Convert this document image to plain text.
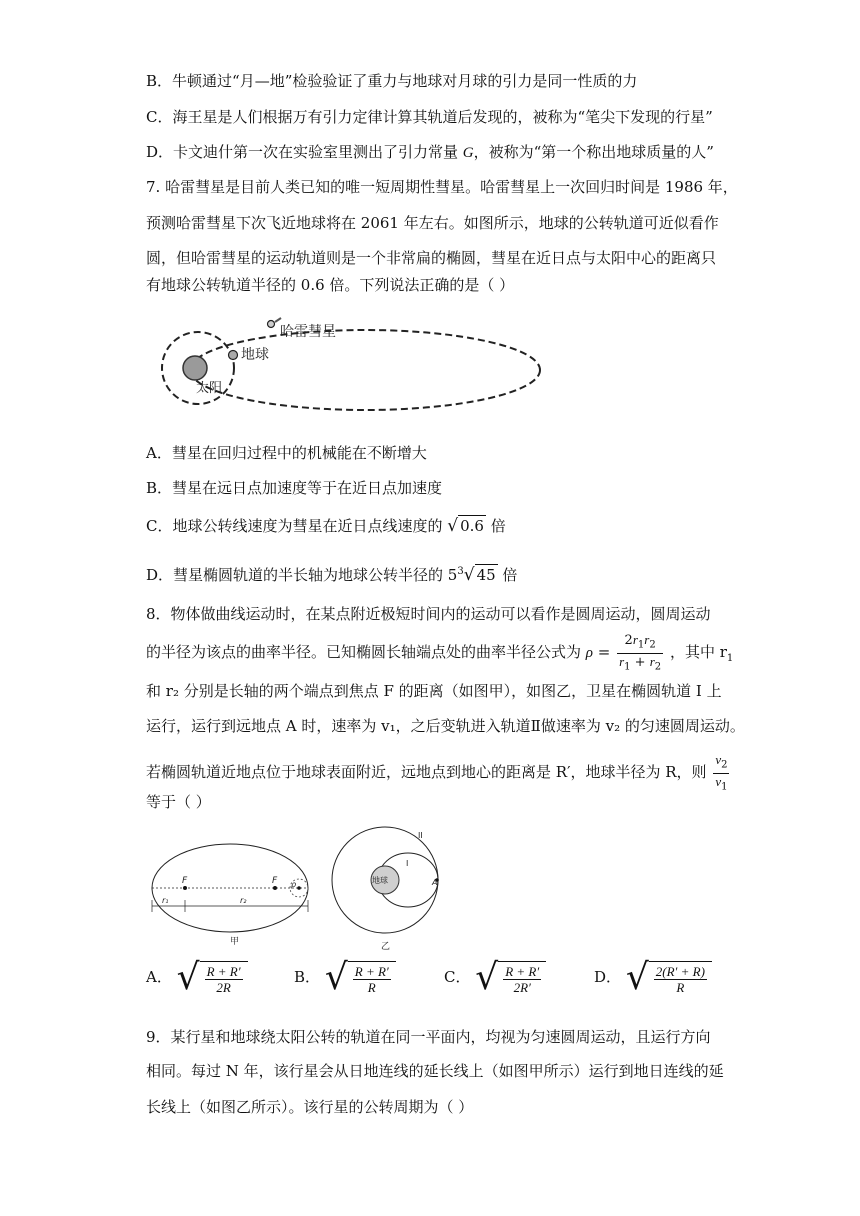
B．牛顿通过“月—地”检验验证了重力与地球对月球的引力是同一性质的力
C．海王星是人们根据万有引力定律计算其轨道后发现的，被称为“笔尖下发现的行星”
D．卡文迪什第一次在实验室里测出了引力常量 G，被称为“第一个称出地球质量的人”
7. 哈雷彗星是目前人类已知的唯一短周期性彗星。哈雷彗星上一次回归时间是 1986 年，
预测哈雷彗星下次飞近地球将在 2061 年左右。如图所示，地球的公转轨道可近似看作
圆，但哈雷彗星的运动轨道则是一个非常扁的椭圆，彗星在近日点与太阳中心的距离只
有地球公转轨道半径的 0.6 倍。下列说法正确的是（ ）
哈雷彗星
地球
太阳
A．彗星在回归过程中的机械能在不断增大
B．彗星在远日点加速度等于在近日点加速度
C．地球公转线速度为彗星在近日点线速度的 √ 0.6 倍
D．彗星椭圆轨道的半长轴为地球公转半径的 $5^3√$ 45 倍
8．物体做曲线运动时，在某点附近极短时间内的运动可以看作是圆周运动，圆周运动
的半径为该点的曲率半径。已知椭圆长轴端点处的曲率半径公式为 $\rho = \frac{2r_1r_2}{r_1 + r_2}$ ，其中 $r_1$
和 r₂ 分别是长轴的两个端点到焦点 F 的距离（如图甲），如图乙，卫星在椭圆轨道 I 上
运行，运行到远地点 A 时，速率为 v₁，之后变轨进入轨道Ⅱ做速率为 v₂ 的匀速圆周运动。
若椭圆轨道近地点位于地球表面附近，远地点到地心的距离是 R′，地球半径为 R，则 $\frac{v_2}{v_1}$
等于（ ）
F	F ρ
r₁	r₂
甲
地球
I
II
A
乙
A． √ $\frac{R + R'}{2R}$	B． √ $\frac{R + R'}{R}$	C． √ $\frac{R + R'}{2R'}$	D． √ $\frac{2(R' + R)}{R}$
9．某行星和地球绕太阳公转的轨道在同一平面内，均视为匀速圆周运动，且运行方向
相同。每过 N 年，该行星会从日地连线的延长线上（如图甲所示）运行到地日连线的延
长线上（如图乙所示）。该行星的公转周期为（ ）
